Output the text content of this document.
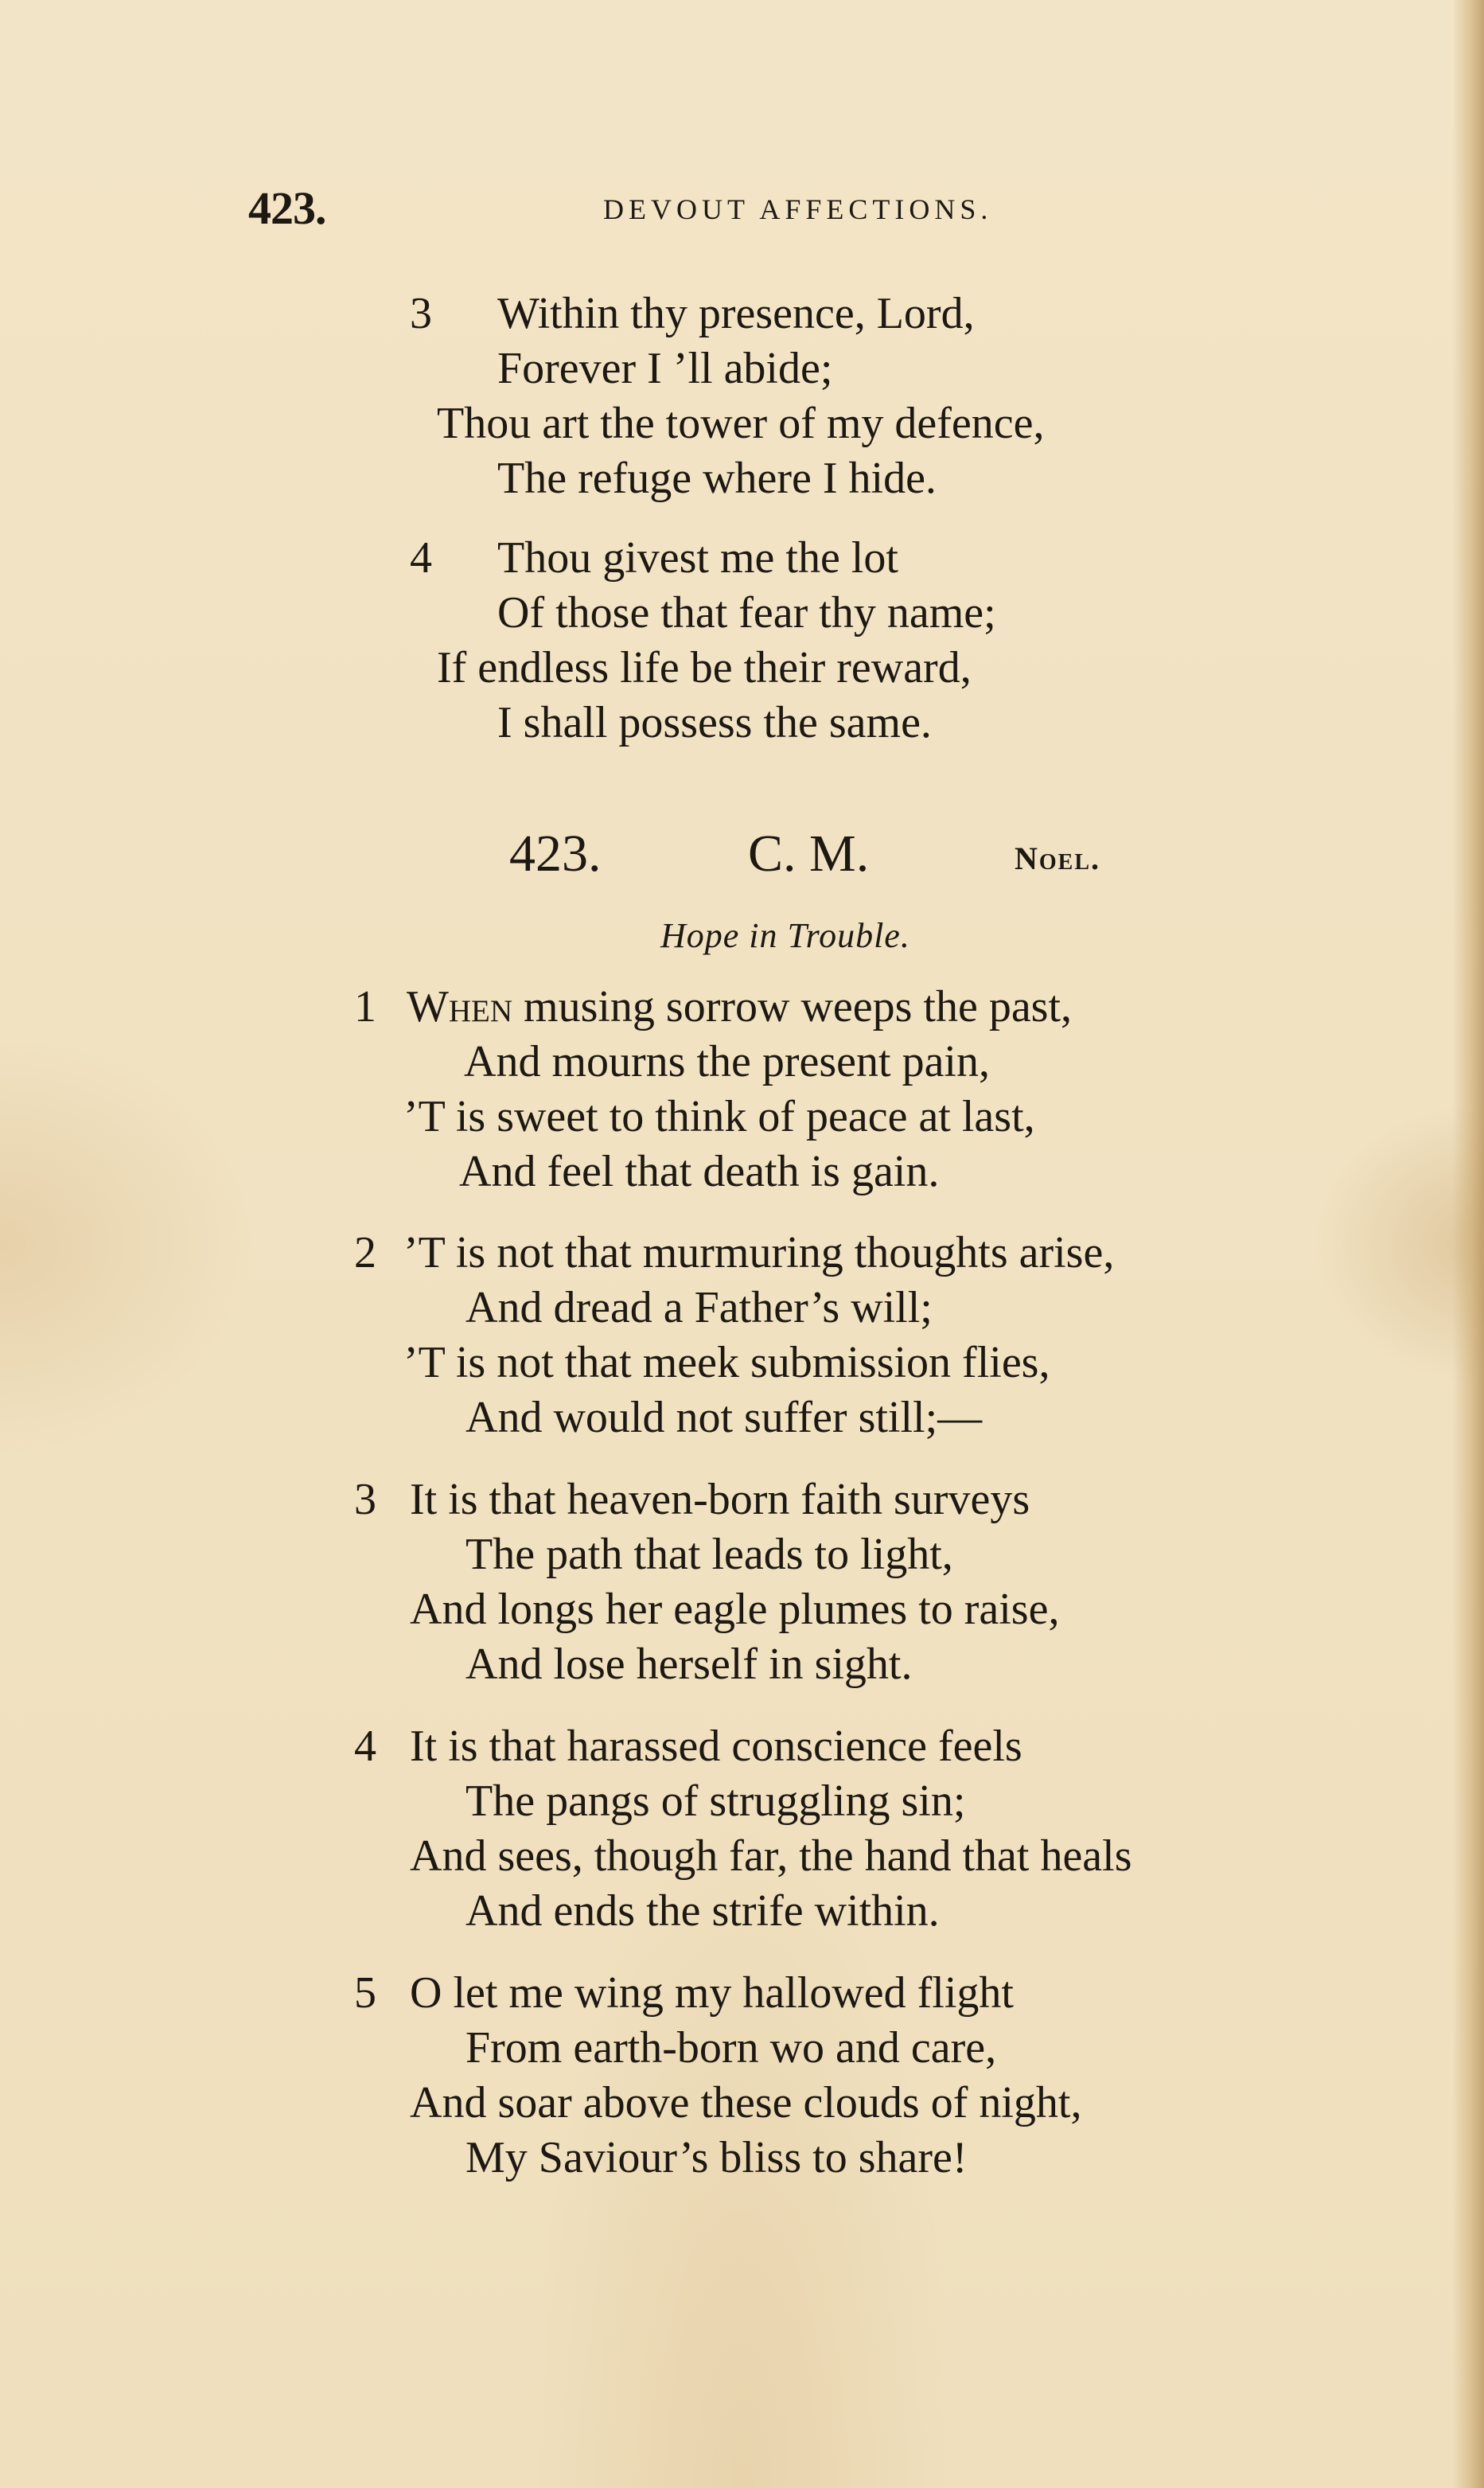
423.	DEVOUT AFFECTIONS.
3	Within thy presence, Lord,
Forever I ’ll abide;
Thou art the tower of my defence,
The refuge where I hide.
4	Thou givest me the lot
Of those that fear thy name;
If endless life be their reward,
I shall possess the same.
423.	C. M.	Noel.
Hope in Trouble.
1 When musing sorrow weeps the past,
And mourns the present pain,
’T is sweet to think of peace at last,
And feel that death is gain.
2 ’T is not that murmuring thoughts arise,
And dread a Father’s will;
’T is not that meek submission flies,
And would not suffer still;—
3 It is that heaven-born faith surveys
The path that leads to light,
And longs her eagle plumes to raise,
And lose herself in sight.
4 It is that harassed conscience feels
The pangs of struggling sin;
And sees, though far, the hand that heals
And ends the strife within.
5 O let me wing my hallowed flight
From earth-born wo and care,
And soar above these clouds of night,
My Saviour’s bliss to share!
